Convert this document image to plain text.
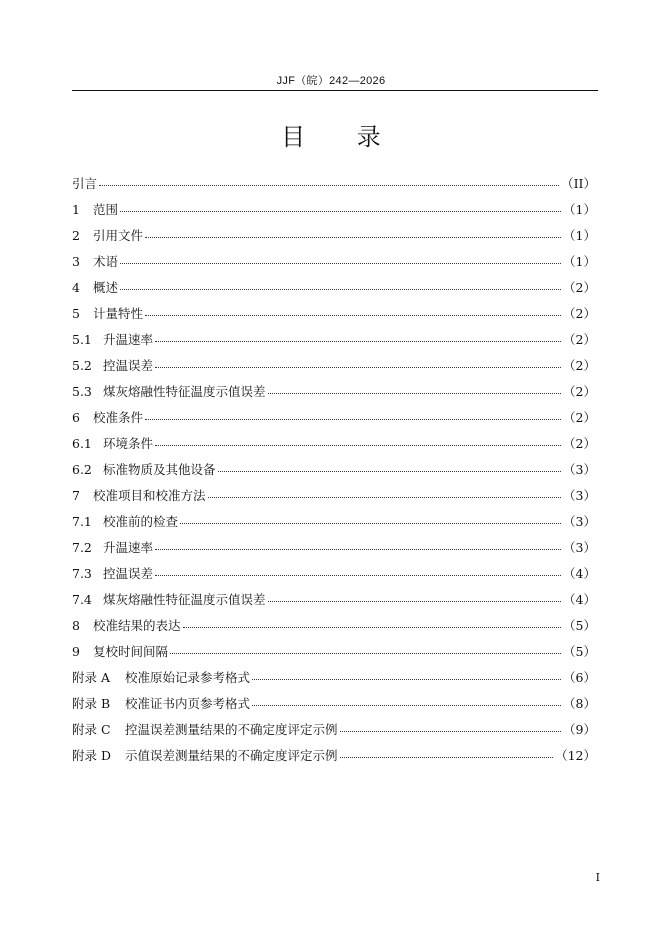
JJF（皖）242—2026
目 录
引言	（II）
1	范围	（1）
2	引用文件	（1）
3	术语	（1）
4	概述	（2）
5	计量特性	（2）
5.1 升温速率	（2）
5.2 控温误差	（2）
5.3 煤灰熔融性特征温度示值误差	（2）
6	校准条件	（2）
6.1 环境条件	（2）
6.2 标准物质及其他设备	（3）
7	校准项目和校准方法	（3）
7.1 校准前的检查	（3）
7.2 升温速率	（3）
7.3 控温误差	（4）
7.4 煤灰熔融性特征温度示值误差	（4）
8	校准结果的表达	（5）
9	复校时间间隔	（5）
附录 A	校准原始记录参考格式	（6）
附录 B	校准证书内页参考格式	（8）
附录 C	控温误差测量结果的不确定度评定示例	（9）
附录 D	示值误差测量结果的不确定度评定示例	（12）
I
